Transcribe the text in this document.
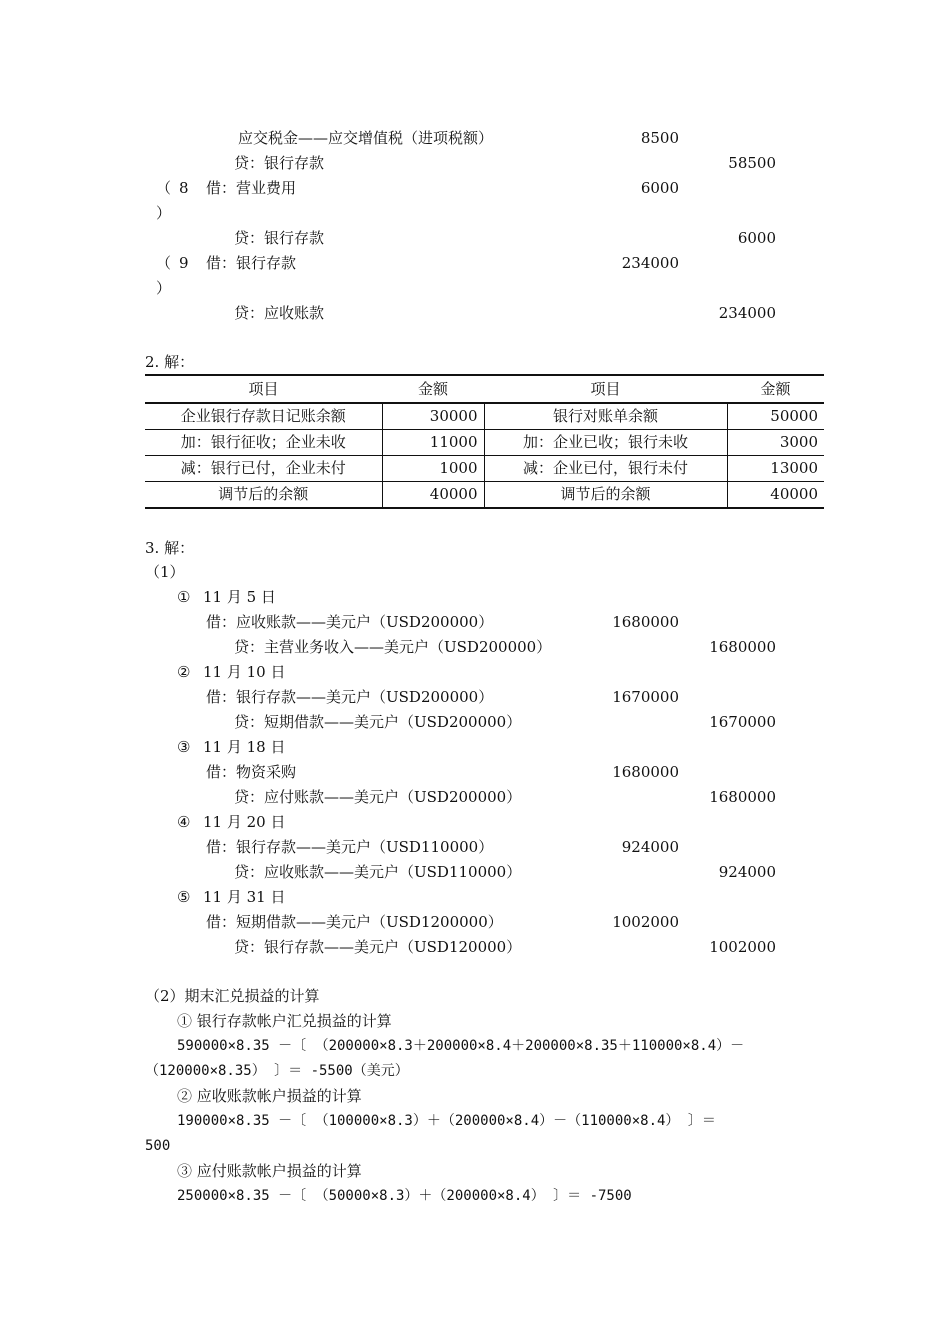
应交税金——应交增值税（进项税额）	8500
贷：银行存款	58500
（ 8
）
借：营业费用	6000
贷：银行存款	6000
（ 9
）
借：银行存款	234000
贷：应收账款	234000
2. 解：
项目	金额	项目	金额
企业银行存款日记账余额	30000	银行对账单余额	50000
加：银行征收；企业未收	11000	加：企业已收；银行未收	3000
减：银行已付，企业未付	1000	减：企业已付，银行未付	13000
调节后的余额	40000	调节后的余额	40000
3. 解：
（1）
① 11 月 5 日
借：应收账款——美元户（USD200000）	1680000
贷：主营业务收入——美元户（USD200000）	1680000
② 11 月 10 日
借：银行存款——美元户（USD200000）	1670000
贷：短期借款——美元户（USD200000）	1670000
③ 11 月 18 日
借：物资采购	1680000
贷：应付账款——美元户（USD200000）	1680000
④ 11 月 20 日
借：银行存款——美元户（USD110000）	924000
贷：应收账款——美元户（USD110000）	924000
⑤ 11 月 31 日
借：短期借款——美元户（USD1200000）	1002000
贷：银行存款——美元户（USD120000）	1002000
（2）期末汇兑损益的计算
① 银行存款帐户汇兑损益的计算
590000×8.35 －〔 （200000×8.3＋200000×8.4＋200000×8.35＋110000×8.4）－
（120000×8.35） 〕＝ -5500（美元）
② 应收账款帐户损益的计算
190000×8.35 －〔 （100000×8.3）＋（200000×8.4）－（110000×8.4） 〕＝
500
③ 应付账款帐户损益的计算
250000×8.35 －〔 （50000×8.3）＋（200000×8.4） 〕＝ -7500
